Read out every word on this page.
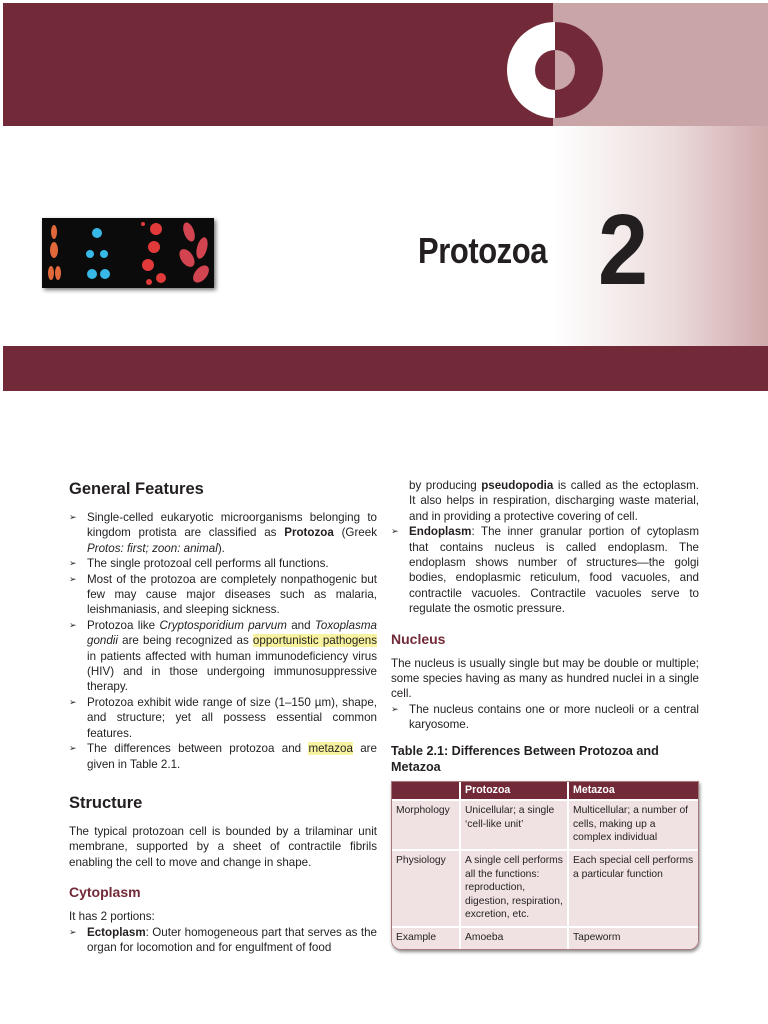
Protozoa 2
General Features
➢ Single-celled eukaryotic microorganisms belonging to kingdom protista are classified as Protozoa (Greek Protos: first; zoon: animal).
➢ The single protozoal cell performs all functions.
➢ Most of the protozoa are completely nonpathogenic but few may cause major diseases such as malaria, leishmaniasis, and sleeping sickness.
➢ Protozoa like Cryptosporidium parvum and Toxoplasma gondii are being recognized as opportunistic pathogens in patients affected with human immunodeficiency virus (HIV) and in those undergoing immunosuppressive therapy.
➢ Protozoa exhibit wide range of size (1–150 µm), shape, and structure; yet all possess essential common features.
➢ The differences between protozoa and metazoa are given in Table 2.1.
Structure

The typical protozoan cell is bounded by a trilaminar unit membrane, supported by a sheet of contractile fibrils enabling the cell to move and change in shape.

Cytoplasm

It has 2 portions:

➢ Ectoplasm: Outer homogeneous part that serves as the organ for locomotion and for engulfment of food
by producing pseudopodia is called as the ectoplasm. It also helps in respiration, discharging waste material, and in providing a protective covering of cell.
➢ Endoplasm: The inner granular portion of cytoplasm that contains nucleus is called endoplasm. The endoplasm shows number of structures—the golgi bodies, endoplasmic reticulum, food vacuoles, and contractile vacuoles. Contractile vacuoles serve to regulate the osmotic pressure.
Nucleus

The nucleus is usually single but may be double or multiple; some species having as many as hundred nuclei in a single cell.

➢ The nucleus contains one or more nucleoli or a central karyosome.
Table 2.1: Differences Between Protozoa and Metazoa
	Protozoa	Metazoa
Morphology	Unicellular; a single ‘cell-like unit’	Multicellular; a number of cells, making up a complex individual
Physiology	A single cell performs all the functions: reproduction, digestion, respiration, excretion, etc.	Each special cell performs a particular function
Example	Amoeba	Tapeworm
